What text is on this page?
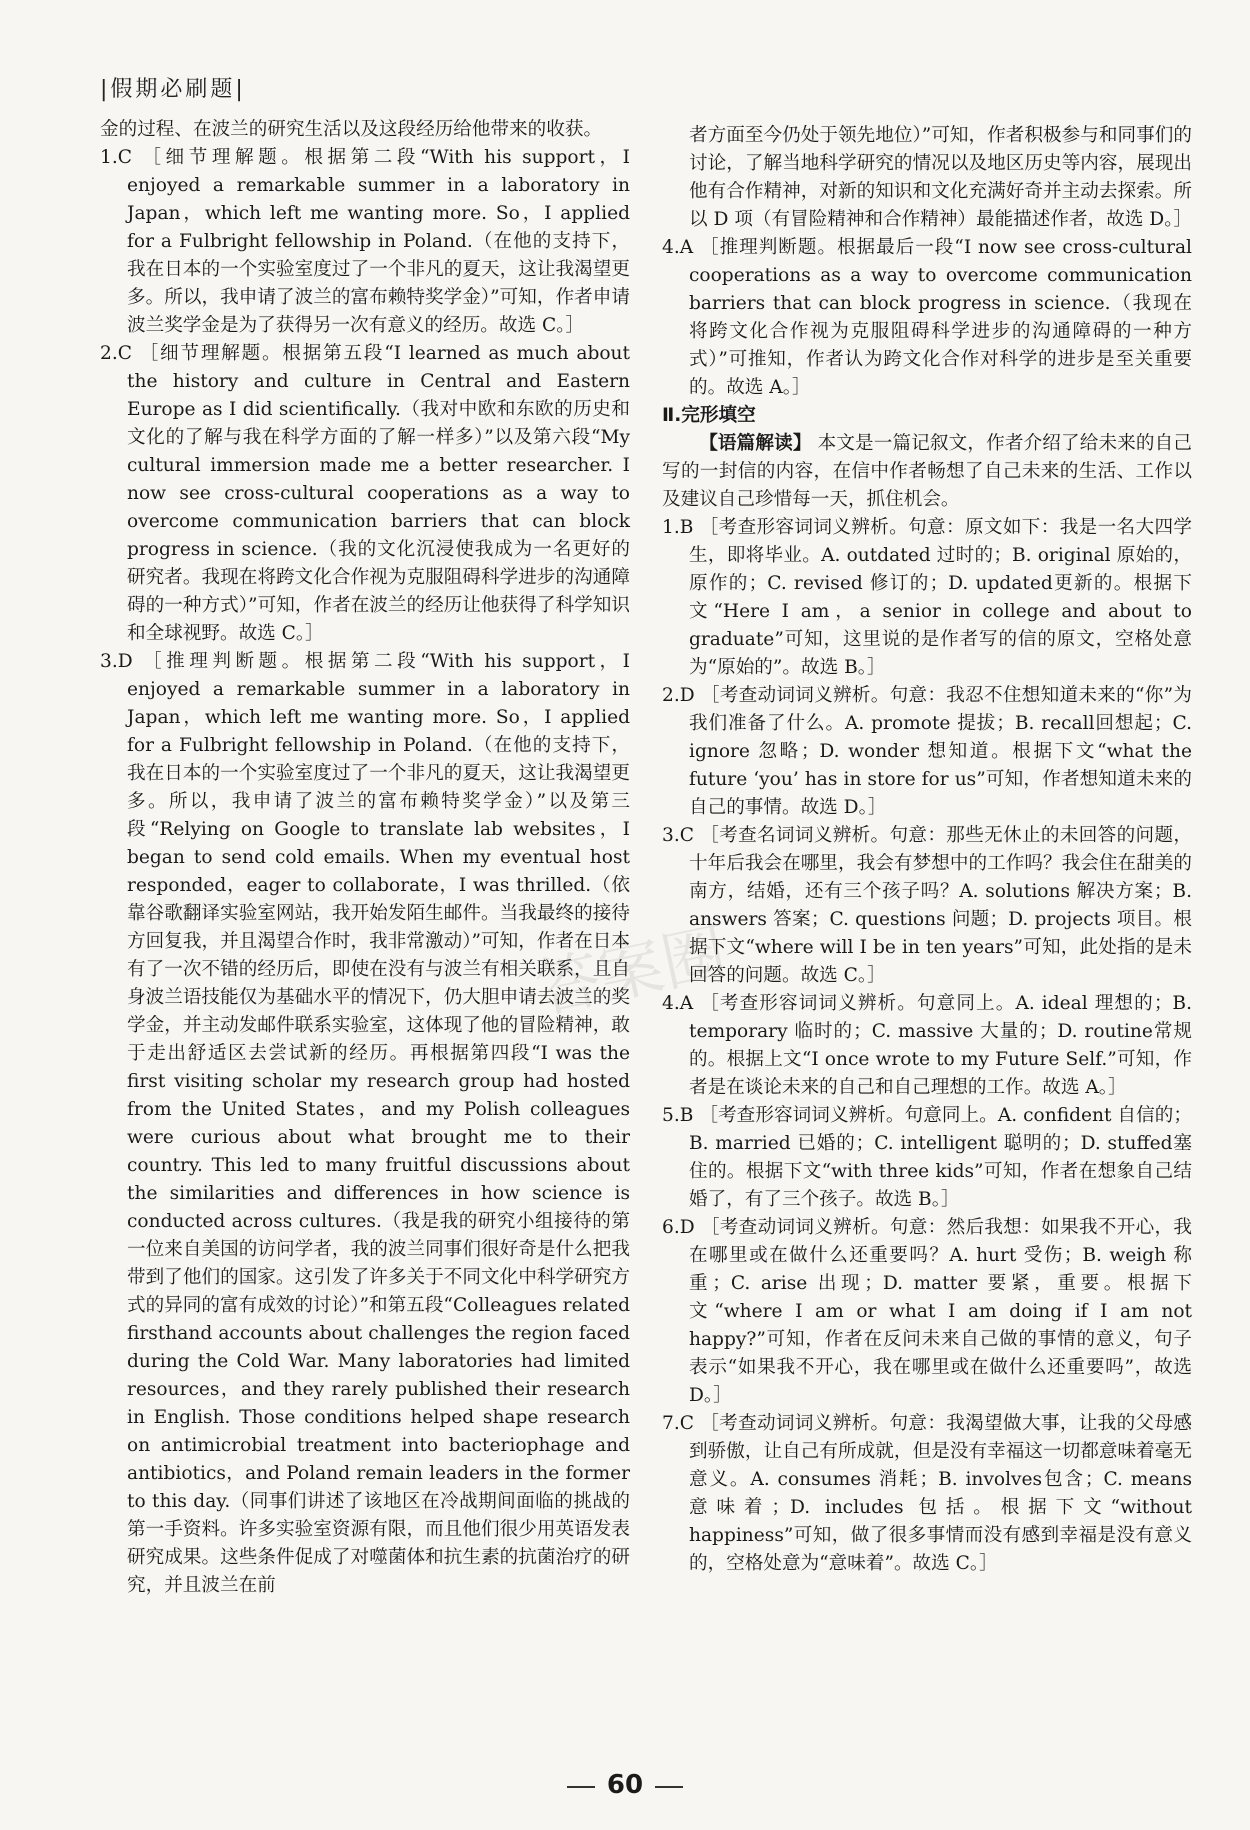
|假期必刷题|
答案圈

金的过程、在波兰的研究生活以及这段经历给他带来的收获。

1.C ［细节理解题。根据第二段“With his support，I enjoyed a remarkable summer in a laboratory in Japan，which left me wanting more. So，I applied for a Fulbright fellowship in Poland.（在他的支持下，我在日本的一个实验室度过了一个非凡的夏天，这让我渴望更多。所以，我申请了波兰的富布赖特奖学金）”可知，作者申请波兰奖学金是为了获得另一次有意义的经历。故选 C。］

2.C ［细节理解题。根据第五段“I learned as much about the history and culture in Central and Eastern Europe as I did scientifically.（我对中欧和东欧的历史和文化的了解与我在科学方面的了解一样多）”以及第六段“My cultural immersion made me a better researcher. I now see cross-cultural cooperations as a way to overcome communication barriers that can block progress in science.（我的文化沉浸使我成为一名更好的研究者。我现在将跨文化合作视为克服阻碍科学进步的沟通障碍的一种方式）”可知，作者在波兰的经历让他获得了科学知识和全球视野。故选 C。］

3.D ［推理判断题。根据第二段“With his support，I enjoyed a remarkable summer in a laboratory in Japan，which left me wanting more. So，I applied for a Fulbright fellowship in Poland.（在他的支持下，我在日本的一个实验室度过了一个非凡的夏天，这让我渴望更多。所以，我申请了波兰的富布赖特奖学金）”以及第三段“Relying on Google to translate lab websites，I began to send cold emails. When my eventual host responded，eager to collaborate，I was thrilled.（依靠谷歌翻译实验室网站，我开始发陌生邮件。当我最终的接待方回复我，并且渴望合作时，我非常激动）”可知，作者在日本有了一次不错的经历后，即使在没有与波兰有相关联系，且自身波兰语技能仅为基础水平的情况下，仍大胆申请去波兰的奖学金，并主动发邮件联系实验室，这体现了他的冒险精神，敢于走出舒适区去尝试新的经历。再根据第四段“I was the first visiting scholar my research group had hosted from the United States，and my Polish colleagues were curious about what brought me to their country. This led to many fruitful discussions about the similarities and differences in how science is conducted across cultures.（我是我的研究小组接待的第一位来自美国的访问学者，我的波兰同事们很好奇是什么把我带到了他们的国家。这引发了许多关于不同文化中科学研究方式的异同的富有成效的讨论）”和第五段“Colleagues related firsthand accounts about challenges the region faced during the Cold War. Many laboratories had limited resources，and they rarely published their research in English. Those conditions helped shape research on antimicrobial treatment into bacteriophage and antibiotics，and Poland remain leaders in the former to this day.（同事们讲述了该地区在冷战期间面临的挑战的第一手资料。许多实验室资源有限，而且他们很少用英语发表研究成果。这些条件促成了对噬菌体和抗生素的抗菌治疗的研究，并且波兰在前

者方面至今仍处于领先地位）”可知，作者积极参与和同事们的讨论，了解当地科学研究的情况以及地区历史等内容，展现出他有合作精神，对新的知识和文化充满好奇并主动去探索。所以 D 项（有冒险精神和合作精神）最能描述作者，故选 D。］

4.A ［推理判断题。根据最后一段“I now see cross-cultural cooperations as a way to overcome communication barriers that can block progress in science.（我现在将跨文化合作视为克服阻碍科学进步的沟通障碍的一种方式）”可推知，作者认为跨文化合作对科学的进步是至关重要的。故选 A。］

Ⅱ.完形填空

【语篇解读】 本文是一篇记叙文，作者介绍了给未来的自己写的一封信的内容，在信中作者畅想了自己未来的生活、工作以及建议自己珍惜每一天，抓住机会。

1.B ［考查形容词词义辨析。句意：原文如下：我是一名大四学生，即将毕业。A. outdated 过时的；B. original 原始的，原作的；C. revised 修订的；D. updated更新的。根据下文“Here I am，a senior in college and about to graduate”可知，这里说的是作者写的信的原文，空格处意为“原始的”。故选 B。］

2.D ［考查动词词义辨析。句意：我忍不住想知道未来的“你”为我们准备了什么。A. promote 提拔；B. recall回想起；C. ignore 忽略；D. wonder 想知道。根据下文“what the future ‘you’ has in store for us”可知，作者想知道未来的自己的事情。故选 D。］

3.C ［考查名词词义辨析。句意：那些无休止的未回答的问题，十年后我会在哪里，我会有梦想中的工作吗？我会住在甜美的南方，结婚，还有三个孩子吗？A. solutions 解决方案；B. answers 答案；C. questions 问题；D. projects 项目。根据下文“where will I be in ten years”可知，此处指的是未回答的问题。故选 C。］

4.A ［考查形容词词义辨析。句意同上。A. ideal 理想的；B. temporary 临时的；C. massive 大量的；D. routine常规的。根据上文“I once wrote to my Future Self.”可知，作者是在谈论未来的自己和自己理想的工作。故选 A。］

5.B ［考查形容词词义辨析。句意同上。A. confident 自信的；B. married 已婚的；C. intelligent 聪明的；D. stuffed塞住的。根据下文“with three kids”可知，作者在想象自己结婚了，有了三个孩子。故选 B。］

6.D ［考查动词词义辨析。句意：然后我想：如果我不开心，我在哪里或在做什么还重要吗？A. hurt 受伤；B. weigh 称重；C. arise 出现；D. matter 要紧，重要。根据下文“where I am or what I am doing if I am not happy?”可知，作者在反问未来自己做的事情的意义，句子表示“如果我不开心，我在哪里或在做什么还重要吗”，故选 D。］

7.C ［考查动词词义辨析。句意：我渴望做大事，让我的父母感到骄傲，让自己有所成就，但是没有幸福这一切都意味着毫无意义。A. consumes 消耗；B. involves包含；C. means 意味着；D. includes 包括。根据下文“without happiness”可知，做了很多事情而没有感到幸福是没有意义的，空格处意为“意味着”。故选 C。］

60
